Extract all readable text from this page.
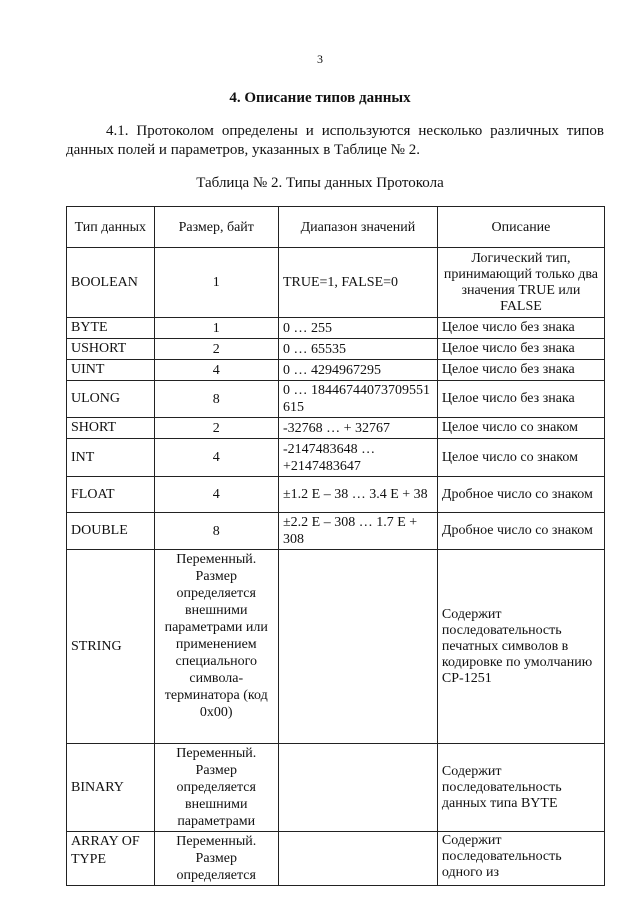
3
4. Описание типов данных
4.1. Протоколом определены и используются несколько различных типов данных полей и параметров, указанных в Таблице № 2.
Таблица № 2. Типы данных Протокола
Тип данных	Размер, байт	Диапазон значений	Описание
BOOLEAN	1	TRUE=1, FALSE=0	Логический тип, принимающий только два значения TRUE или FALSE
BYTE	1	0 … 255	Целое число без знака
USHORT	2	0 … 65535	Целое число без знака
UINT	4	0 … 4294967295	Целое число без знака
ULONG	8	0 … 18446744073709551615	Целое число без знака
SHORT	2	-32768 … + 32767	Целое число со знаком
INT	4	-2147483648 … +2147483647	Целое число со знаком
FLOAT	4	±1.2 E – 38 … 3.4 E + 38	Дробное число со знаком
DOUBLE	8	±2.2 E – 308 … 1.7 E + 308	Дробное число со знаком
STRING	Переменный. Размер определяется внешними параметрами или применением специального символа-терминатора (код 0x00)		Содержит последовательность печатных символов в кодировке по умолчанию CP-1251
BINARY	Переменный. Размер определяется внешними параметрами		Содержит последовательность данных типа BYTE
ARRAY OF TYPE	Переменный. Размер определяется		Содержит последовательность одного из
